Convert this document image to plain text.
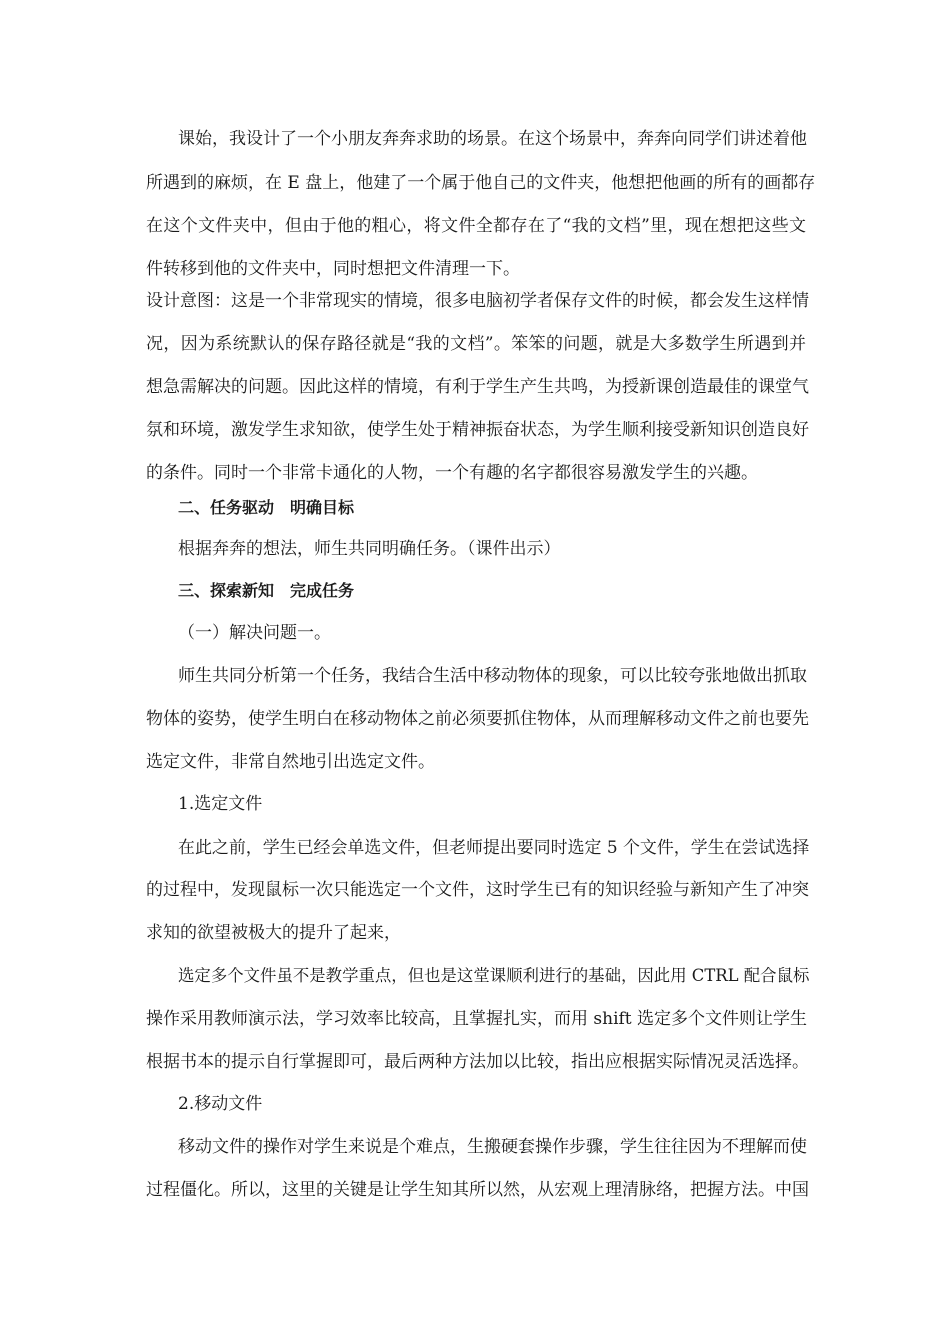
课始，我设计了一个小朋友奔奔求助的场景。在这个场景中，奔奔向同学们讲述着他
所遇到的麻烦，在 E 盘上，他建了一个属于他自己的文件夹，他想把他画的所有的画都存
在这个文件夹中，但由于他的粗心，将文件全都存在了“我的文档”里，现在想把这些文
件转移到他的文件夹中，同时想把文件清理一下。
设计意图：这是一个非常现实的情境，很多电脑初学者保存文件的时候，都会发生这样情
况，因为系统默认的保存路径就是“我的文档”。笨笨的问题，就是大多数学生所遇到并
想急需解决的问题。因此这样的情境，有利于学生产生共鸣，为授新课创造最佳的课堂气
氛和环境，激发学生求知欲，使学生处于精神振奋状态，为学生顺利接受新知识创造良好
的条件。同时一个非常卡通化的人物，一个有趣的名字都很容易激发学生的兴趣。
二、任务驱动　明确目标
根据奔奔的想法，师生共同明确任务。（课件出示）
三、探索新知　完成任务
（一）解决问题一。
师生共同分析第一个任务，我结合生活中移动物体的现象，可以比较夸张地做出抓取
物体的姿势，使学生明白在移动物体之前必须要抓住物体，从而理解移动文件之前也要先
选定文件，非常自然地引出选定文件。
1.选定文件
在此之前，学生已经会单选文件，但老师提出要同时选定 5 个文件，学生在尝试选择
的过程中，发现鼠标一次只能选定一个文件，这时学生已有的知识经验与新知产生了冲突
求知的欲望被极大的提升了起来，
选定多个文件虽不是教学重点，但也是这堂课顺利进行的基础，因此用 CTRL 配合鼠标
操作采用教师演示法，学习效率比较高，且掌握扎实，而用 shift 选定多个文件则让学生
根据书本的提示自行掌握即可，最后两种方法加以比较，指出应根据实际情况灵活选择。
2.移动文件
移动文件的操作对学生来说是个难点，生搬硬套操作步骤，学生往往因为不理解而使
过程僵化。所以，这里的关键是让学生知其所以然，从宏观上理清脉络，把握方法。中国
